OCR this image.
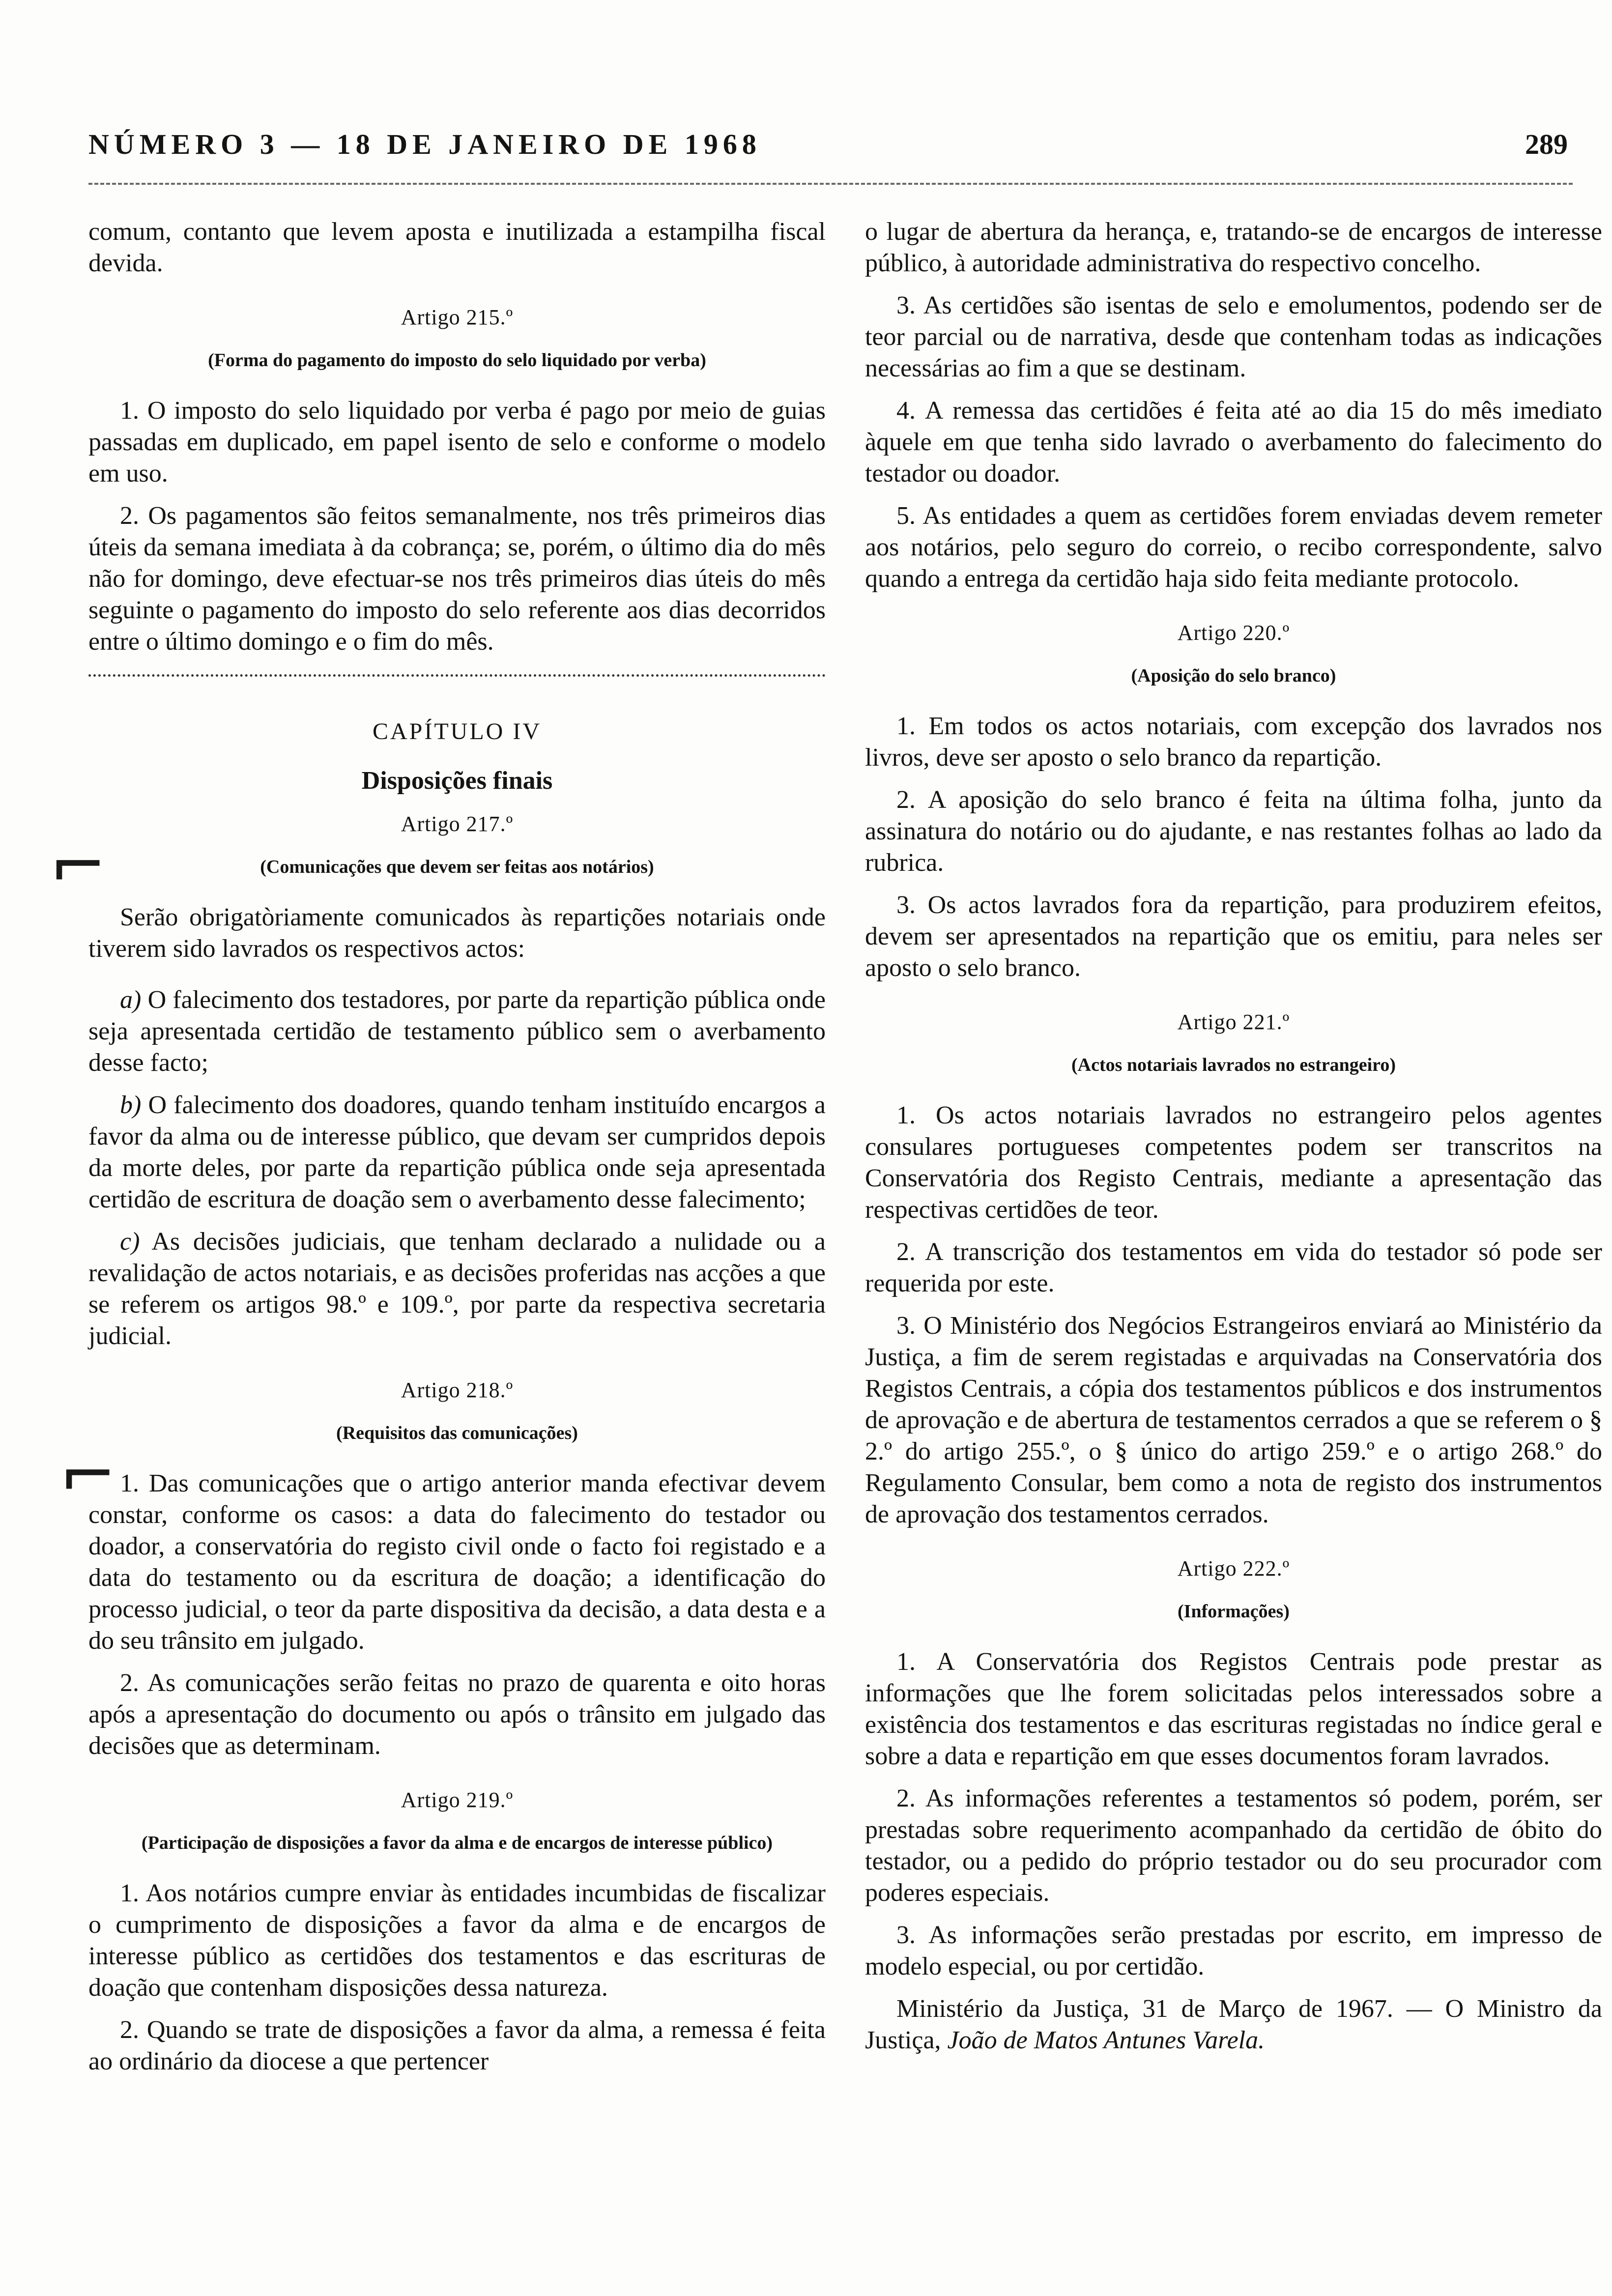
NÚMERO 3 — 18 DE JANEIRO DE 1968	289

comum, contanto que levem aposta e inutilizada a estampilha fiscal devida.

Artigo 215.º
(Forma do pagamento do imposto do selo liquidado por verba)

1. O imposto do selo liquidado por verba é pago por meio de guias passadas em duplicado, em papel isento de selo e conforme o modelo em uso.

2. Os pagamentos são feitos semanalmente, nos três primeiros dias úteis da semana imediata à da cobrança; se, porém, o último dia do mês não for domingo, deve efectuar-se nos três primeiros dias úteis do mês seguinte o pagamento do imposto do selo referente aos dias decorridos entre o último domingo e o fim do mês.

CAPÍTULO IV
Disposições finais
Artigo 217.º
(Comunicações que devem ser feitas aos notários)

Serão obrigatòriamente comunicados às repartições notariais onde tiverem sido lavrados os respectivos actos:

a) O falecimento dos testadores, por parte da repartição pública onde seja apresentada certidão de testamento público sem o averbamento desse facto;

b) O falecimento dos doadores, quando tenham instituído encargos a favor da alma ou de interesse público, que devam ser cumpridos depois da morte deles, por parte da repartição pública onde seja apresentada certidão de escritura de doação sem o averbamento desse falecimento;

c) As decisões judiciais, que tenham declarado a nulidade ou a revalidação de actos notariais, e as decisões proferidas nas acções a que se referem os artigos 98.º e 109.º, por parte da respectiva secretaria judicial.

Artigo 218.º
(Requisitos das comunicações)

1. Das comunicações que o artigo anterior manda efectivar devem constar, conforme os casos: a data do falecimento do testador ou doador, a conservatória do registo civil onde o facto foi registado e a data do testamento ou da escritura de doação; a identificação do processo judicial, o teor da parte dispositiva da decisão, a data desta e a do seu trânsito em julgado.

2. As comunicações serão feitas no prazo de quarenta e oito horas após a apresentação do documento ou após o trânsito em julgado das decisões que as determinam.

Artigo 219.º
(Participação de disposições a favor da alma e de encargos de interesse público)

1. Aos notários cumpre enviar às entidades incumbidas de fiscalizar o cumprimento de disposições a favor da alma e de encargos de interesse público as certidões dos testamentos e das escrituras de doação que contenham disposições dessa natureza.

2. Quando se trate de disposições a favor da alma, a remessa é feita ao ordinário da diocese a que pertencer

o lugar de abertura da herança, e, tratando-se de encargos de interesse público, à autoridade administrativa do respectivo concelho.

3. As certidões são isentas de selo e emolumentos, podendo ser de teor parcial ou de narrativa, desde que contenham todas as indicações necessárias ao fim a que se destinam.

4. A remessa das certidões é feita até ao dia 15 do mês imediato àquele em que tenha sido lavrado o averbamento do falecimento do testador ou doador.

5. As entidades a quem as certidões forem enviadas devem remeter aos notários, pelo seguro do correio, o recibo correspondente, salvo quando a entrega da certidão haja sido feita mediante protocolo.

Artigo 220.º
(Aposição do selo branco)

1. Em todos os actos notariais, com excepção dos lavrados nos livros, deve ser aposto o selo branco da repartição.

2. A aposição do selo branco é feita na última folha, junto da assinatura do notário ou do ajudante, e nas restantes folhas ao lado da rubrica.

3. Os actos lavrados fora da repartição, para produzirem efeitos, devem ser apresentados na repartição que os emitiu, para neles ser aposto o selo branco.

Artigo 221.º
(Actos notariais lavrados no estrangeiro)

1. Os actos notariais lavrados no estrangeiro pelos agentes consulares portugueses competentes podem ser transcritos na Conservatória dos Registo Centrais, mediante a apresentação das respectivas certidões de teor.

2. A transcrição dos testamentos em vida do testador só pode ser requerida por este.

3. O Ministério dos Negócios Estrangeiros enviará ao Ministério da Justiça, a fim de serem registadas e arquivadas na Conservatória dos Registos Centrais, a cópia dos testamentos públicos e dos instrumentos de aprovação e de abertura de testamentos cerrados a que se referem o § 2.º do artigo 255.º, o § único do artigo 259.º e o artigo 268.º do Regulamento Consular, bem como a nota de registo dos instrumentos de aprovação dos testamentos cerrados.

Artigo 222.º
(Informações)

1. A Conservatória dos Registos Centrais pode prestar as informações que lhe forem solicitadas pelos interessados sobre a existência dos testamentos e das escrituras registadas no índice geral e sobre a data e repartição em que esses documentos foram lavrados.

2. As informações referentes a testamentos só podem, porém, ser prestadas sobre requerimento acompanhado da certidão de óbito do testador, ou a pedido do próprio testador ou do seu procurador com poderes especiais.

3. As informações serão prestadas por escrito, em impresso de modelo especial, ou por certidão.

Ministério da Justiça, 31 de Março de 1967. — O Ministro da Justiça, João de Matos Antunes Varela.

⌐
⌐
